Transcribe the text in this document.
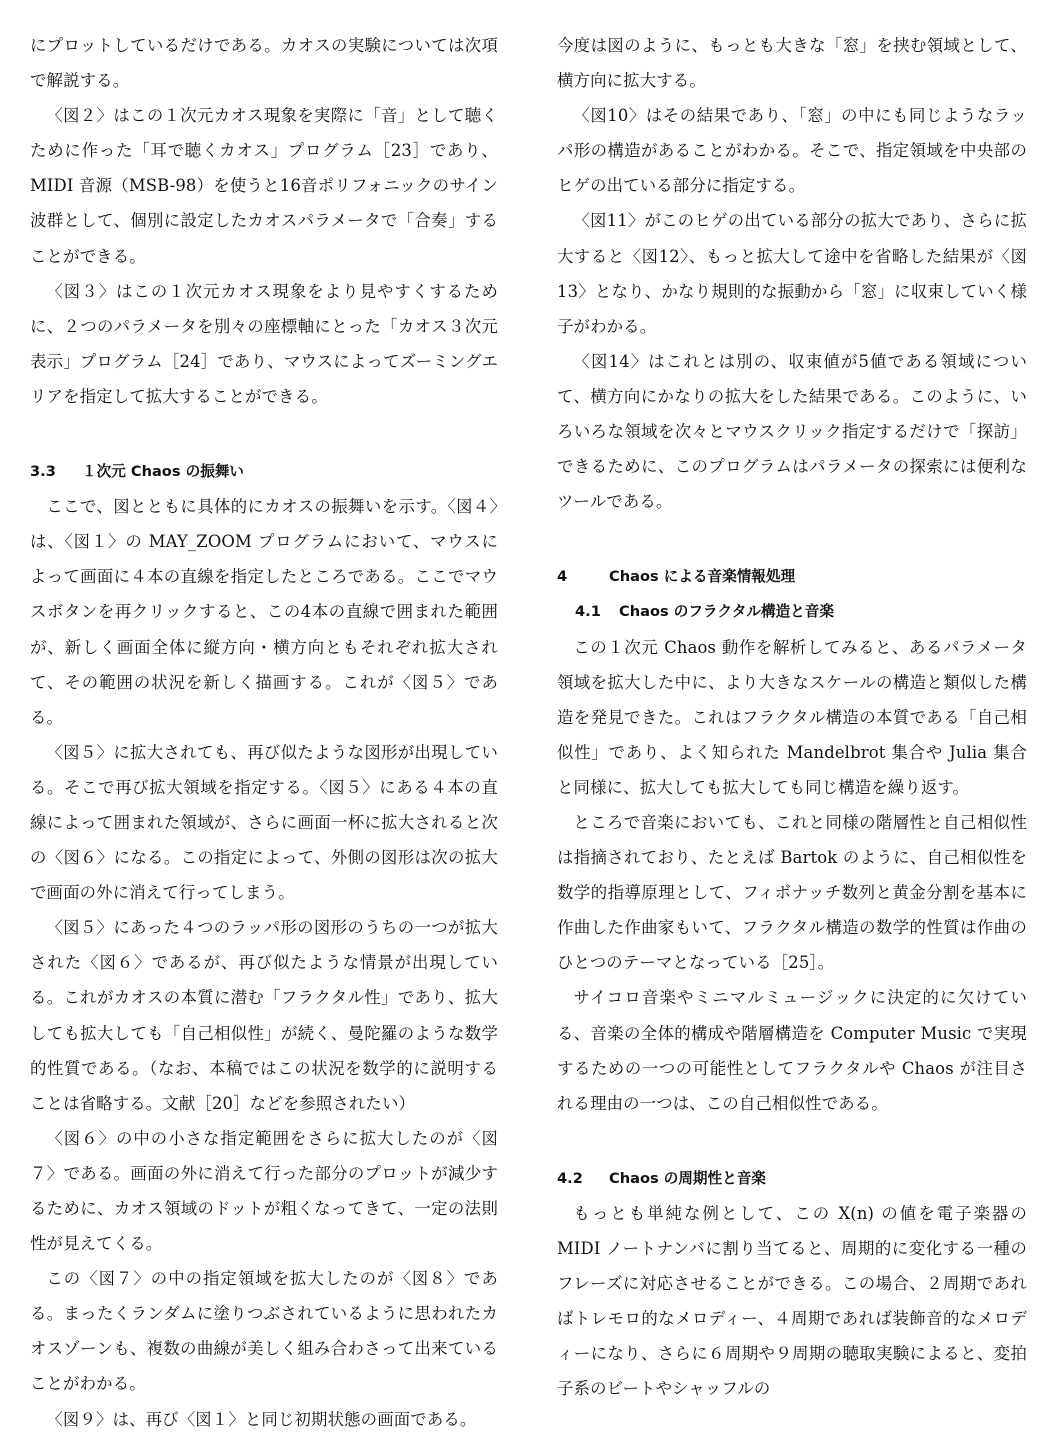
にプロットしているだけである。カオスの実験については次項で解説する。

〈図２〉はこの１次元カオス現象を実際に「音」として聴くために作った「耳で聴くカオス」プログラム［23］であり、MIDI 音源（MSB-98）を使うと16音ポリフォニックのサイン波群として、個別に設定したカオスパラメータで「合奏」することができる。

〈図３〉はこの１次元カオス現象をより見やすくするために、２つのパラメータを別々の座標軸にとった「カオス３次元表示」プログラム［24］であり、マウスによってズーミングエリアを指定して拡大することができる。

3.3 １次元 Chaos の振舞い

ここで、図とともに具体的にカオスの振舞いを示す。〈図４〉は、〈図１〉の MAY_ZOOM プログラムにおいて、マウスによって画面に４本の直線を指定したところである。ここでマウスボタンを再クリックすると、この4本の直線で囲まれた範囲が、新しく画面全体に縦方向・横方向ともそれぞれ拡大されて、その範囲の状況を新しく描画する。これが〈図５〉である。

〈図５〉に拡大されても、再び似たような図形が出現している。そこで再び拡大領域を指定する。〈図５〉にある４本の直線によって囲まれた領域が、さらに画面一杯に拡大されると次の〈図６〉になる。この指定によって、外側の図形は次の拡大で画面の外に消えて行ってしまう。

〈図５〉にあった４つのラッパ形の図形のうちの一つが拡大された〈図６〉であるが、再び似たような情景が出現している。これがカオスの本質に潜む「フラクタル性」であり、拡大しても拡大しても「自己相似性」が続く、曼陀羅のような数学的性質である。（なお、本稿ではこの状況を数学的に説明することは省略する。文献［20］などを参照されたい）

〈図６〉の中の小さな指定範囲をさらに拡大したのが〈図７〉である。画面の外に消えて行った部分のプロットが減少するために、カオス領域のドットが粗くなってきて、一定の法則性が見えてくる。

この〈図７〉の中の指定領域を拡大したのが〈図８〉である。まったくランダムに塗りつぶされているように思われたカオスゾーンも、複数の曲線が美しく組み合わさって出来ていることがわかる。

〈図９〉は、再び〈図１〉と同じ初期状態の画面である。

今度は図のように、もっとも大きな「窓」を挟む領域として、横方向に拡大する。

〈図10〉はその結果であり、「窓」の中にも同じようなラッパ形の構造があることがわかる。そこで、指定領域を中央部のヒゲの出ている部分に指定する。

〈図11〉がこのヒゲの出ている部分の拡大であり、さらに拡大すると〈図12〉、もっと拡大して途中を省略した結果が〈図13〉となり、かなり規則的な振動から「窓」に収束していく様子がわかる。

〈図14〉はこれとは別の、収束値が5値である領域について、横方向にかなりの拡大をした結果である。このように、いろいろな領域を次々とマウスクリック指定するだけで「探訪」できるために、このプログラムはパラメータの探索には便利なツールである。

4	Chaos による音楽情報処理
4.1 Chaos のフラクタル構造と音楽

この１次元 Chaos 動作を解析してみると、あるパラメータ領域を拡大した中に、より大きなスケールの構造と類似した構造を発見できた。これはフラクタル構造の本質である「自己相似性」であり、よく知られた Mandelbrot 集合や Julia 集合と同様に、拡大しても拡大しても同じ構造を繰り返す。

ところで音楽においても、これと同様の階層性と自己相似性は指摘されており、たとえば Bartok のように、自己相似性を数学的指導原理として、フィボナッチ数列と黄金分割を基本に作曲した作曲家もいて、フラクタル構造の数学的性質は作曲のひとつのテーマとなっている［25］。

サイコロ音楽やミニマルミュージックに決定的に欠けている、音楽の全体的構成や階層構造を Computer Music で実現するための一つの可能性としてフラクタルや Chaos が注目される理由の一つは、この自己相似性である。

4.2 Chaos の周期性と音楽

もっとも単純な例として、この X(n) の値を電子楽器の MIDI ノートナンバに割り当てると、周期的に変化する一種のフレーズに対応させることができる。この場合、２周期であればトレモロ的なメロディー、４周期であれば装飾音的なメロディーになり、さらに６周期や９周期の聴取実験によると、変拍子系のビートやシャッフルの
